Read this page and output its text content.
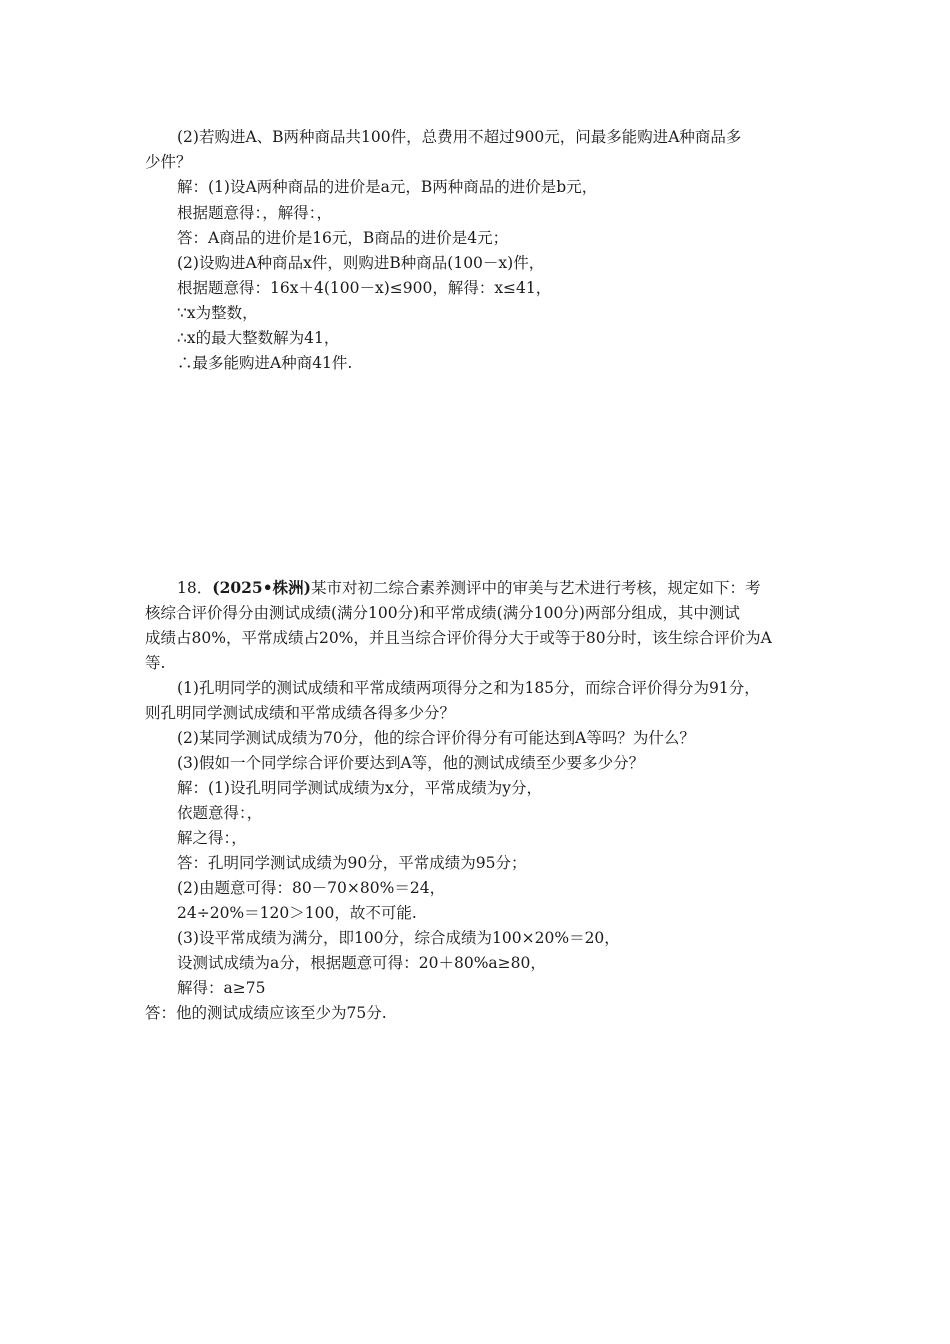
(2)若购进A、B两种商品共100件，总费用不超过900元，问最多能购进A种商品多
少件？
解：(1)设A两种商品的进价是a元，B两种商品的进价是b元，
根据题意得：，解得：，
答：A商品的进价是16元，B商品的进价是4元；
(2)设购进A种商品x件，则购进B种商品(100－x)件，
根据题意得：16x＋4(100－x)≤900，解得：x≤41，
∵x为整数，
∴x的最大整数解为41，
∴最多能购进A种商41件.
18．(2025•株洲)某市对初二综合素养测评中的审美与艺术进行考核，规定如下：考
核综合评价得分由测试成绩(满分100分)和平常成绩(满分100分)两部分组成，其中测试
成绩占80%，平常成绩占20%，并且当综合评价得分大于或等于80分时，该生综合评价为A
等.
(1)孔明同学的测试成绩和平常成绩两项得分之和为185分，而综合评价得分为91分，
则孔明同学测试成绩和平常成绩各得多少分？
(2)某同学测试成绩为70分，他的综合评价得分有可能达到A等吗？为什么？
(3)假如一个同学综合评价要达到A等，他的测试成绩至少要多少分？
解：(1)设孔明同学测试成绩为x分，平常成绩为y分，
依题意得：，
解之得：，
答：孔明同学测试成绩为90分，平常成绩为95分；
(2)由题意可得：80－70×80%＝24，
24÷20%＝120＞100，故不可能.
(3)设平常成绩为满分，即100分，综合成绩为100×20%＝20，
设测试成绩为a分，根据题意可得：20＋80%a≥80，
解得：a≥75
答：他的测试成绩应该至少为75分.
